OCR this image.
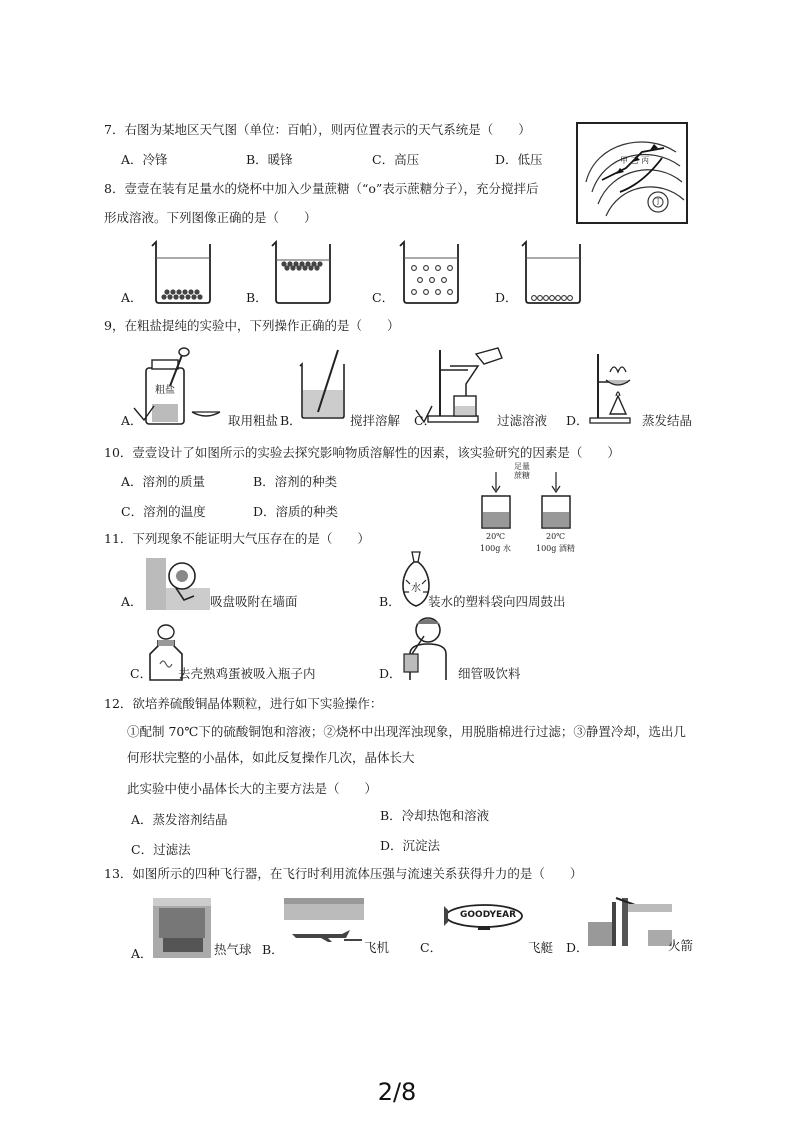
7．右图为某地区天气图（单位：百帕），则丙位置表示的天气系统是（　　）
A．冷锋	B．暖锋	C．高压	D．低压	甲 乙 丙
丁
8．壹壹在装有足量水的烧杯中加入少量蔗糖（“o”表示蔗糖分子），充分搅拌后
形成溶液。下列图像正确的是（　　）
A．	B．	C．	D．
9，在粗盐提纯的实验中，下列操作正确的是（　　）
粗盐
A．	取用粗盐 B．	搅拌溶解 C．	过滤溶液 D．	蒸发结晶
10．壹壹设计了如图所示的实验去探究影响物质溶解性的因素，该实验研究的因素是（　　）
A．溶剂的质量	B．溶剂的种类
C．溶剂的温度	D．溶质的种类
足量
蔗糖
20℃	20℃
100g 水	100g 酒精
11．下列现象不能证明大气压存在的是（　　）
A．	吸盘吸附在墙面
水
B． 装水的塑料袋向四周鼓出
C． 去壳熟鸡蛋被吸入瓶子内	D．	细管吸饮料
12．欲培养硫酸铜晶体颗粒，进行如下实验操作：
①配制 70℃下的硫酸铜饱和溶液；②烧杯中出现浑浊现象，用脱脂棉进行过滤；③静置冷却，选出几
何形状完整的小晶体，如此反复操作几次，晶体长大
此实验中使小晶体长大的主要方法是（　　）
A．蒸发溶剂结晶	B．冷却热饱和溶液
C．过滤法	D．沉淀法
13．如图所示的四种飞行器，在飞行时利用流体压强与流速关系获得升力的是（　　）
A．	热气球 B．	飞机
GOODYEAR
C．	飞艇 D．	火箭
2/8
